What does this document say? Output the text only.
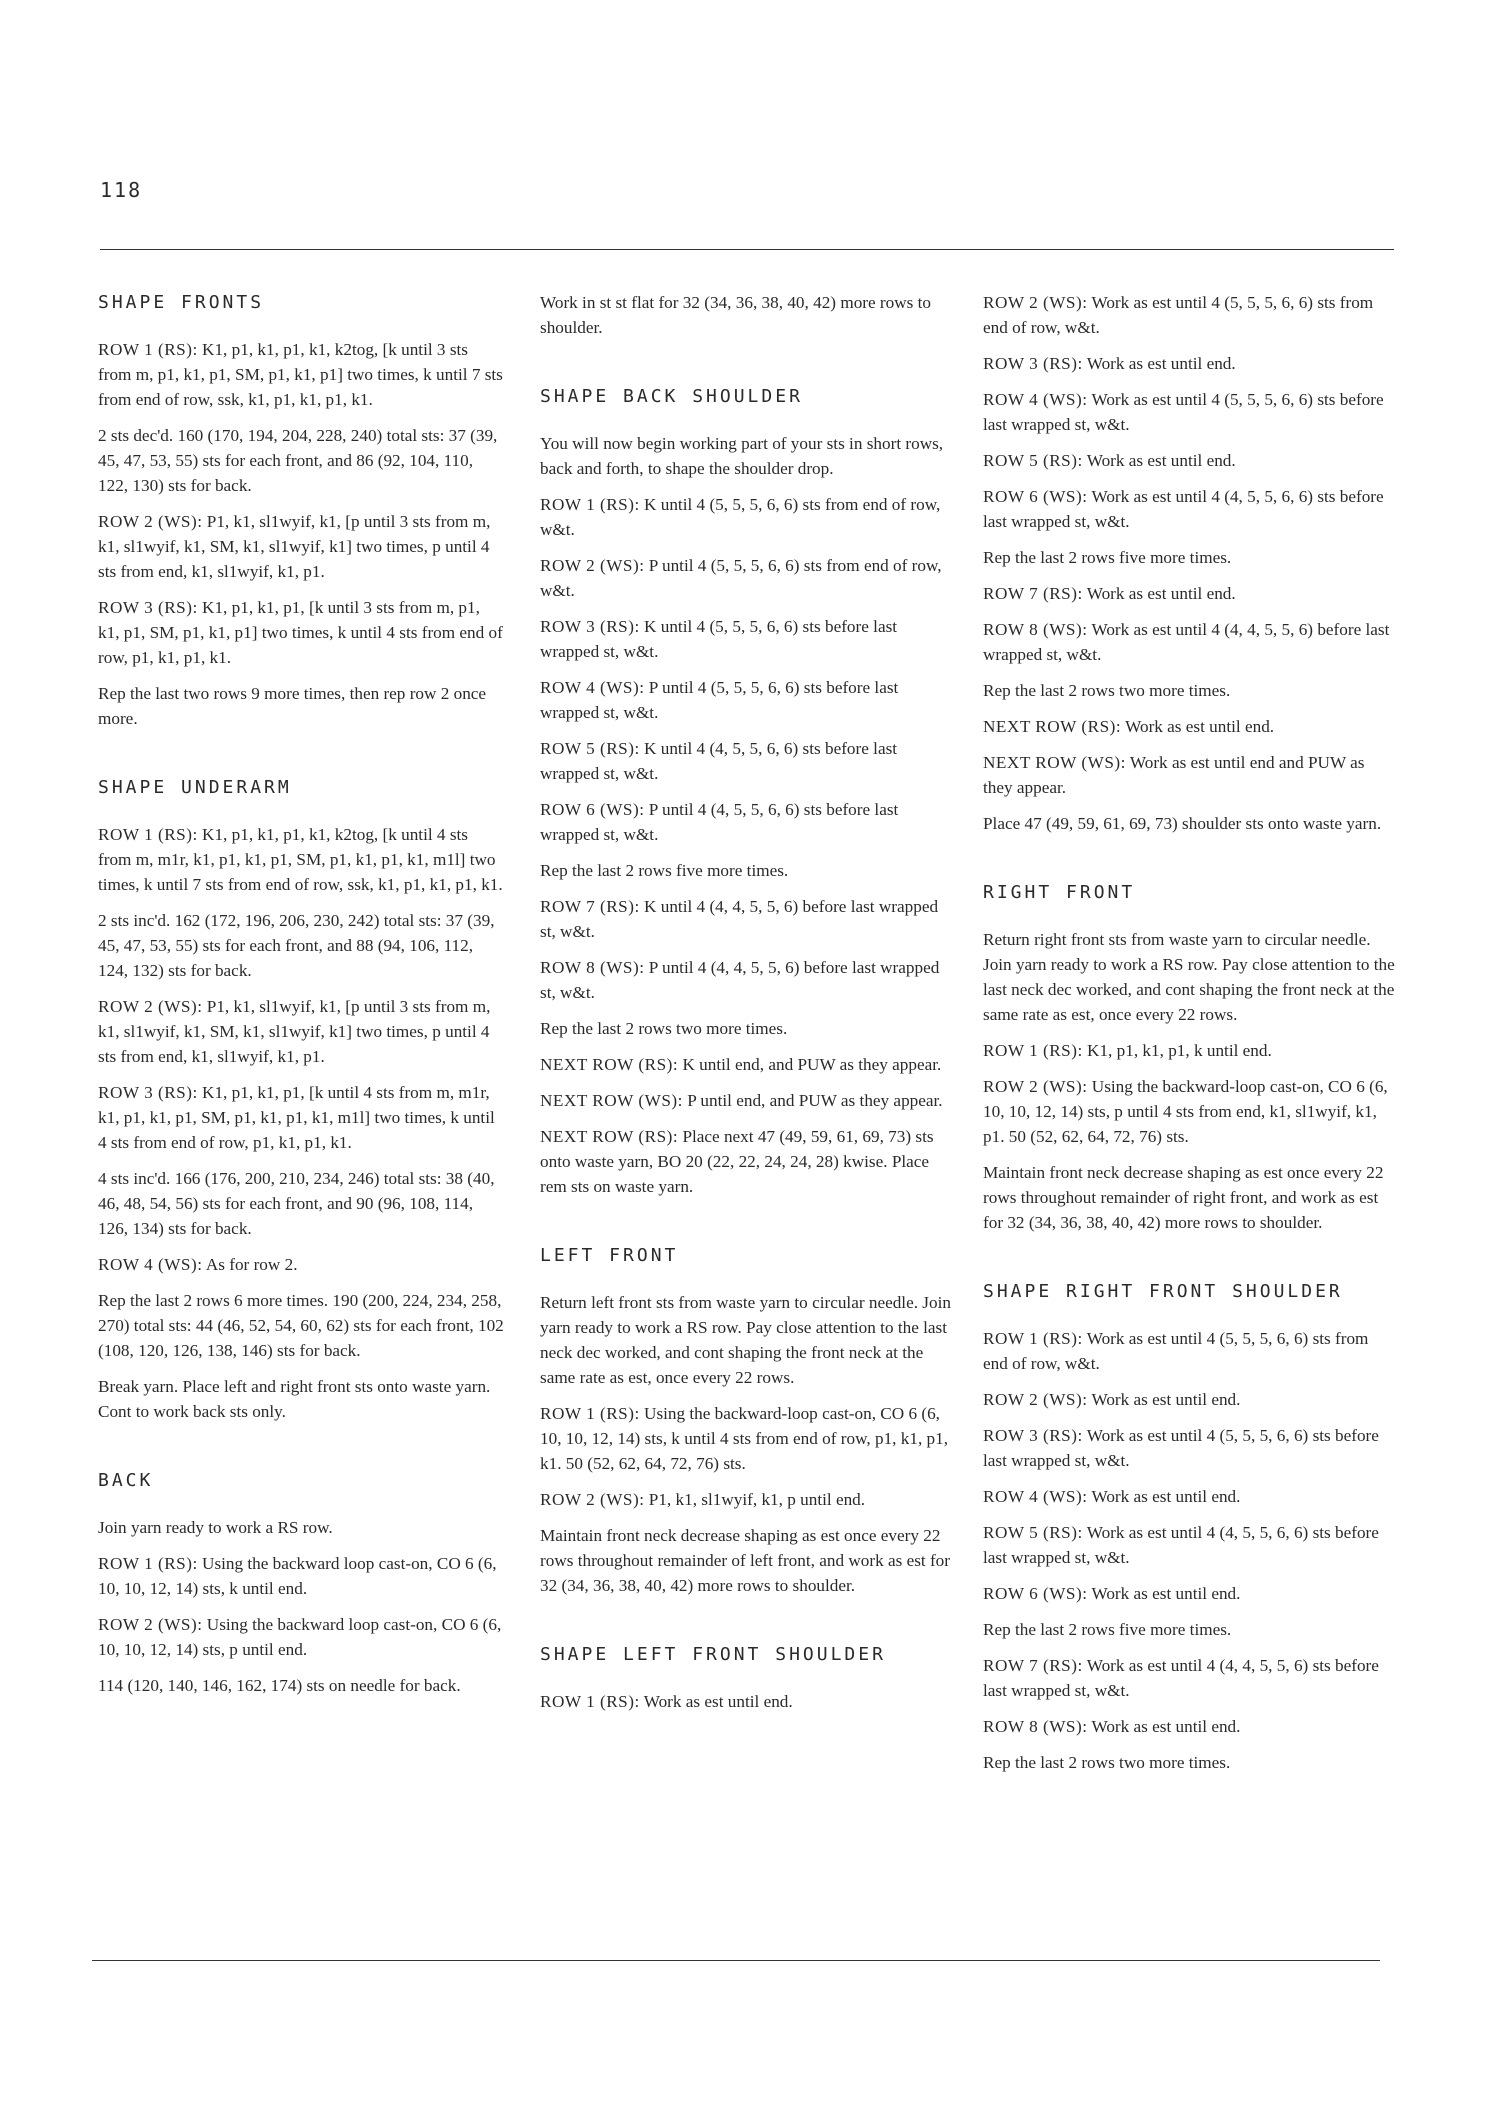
118
SHAPE FRONTS
ROW 1 (RS): K1, p1, k1, p1, k1, k2tog, [k until 3 sts from m, p1, k1, p1, SM, p1, k1, p1] two times, k until 7 sts from end of row, ssk, k1, p1, k1, p1, k1.
2 sts dec'd. 160 (170, 194, 204, 228, 240) total sts: 37 (39, 45, 47, 53, 55) sts for each front, and 86 (92, 104, 110, 122, 130) sts for back.
ROW 2 (WS): P1, k1, sl1wyif, k1, [p until 3 sts from m, k1, sl1wyif, k1, SM, k1, sl1wyif, k1] two times, p until 4 sts from end, k1, sl1wyif, k1, p1.
ROW 3 (RS): K1, p1, k1, p1, [k until 3 sts from m, p1, k1, p1, SM, p1, k1, p1] two times, k until 4 sts from end of row, p1, k1, p1, k1.
Rep the last two rows 9 more times, then rep row 2 once more.
SHAPE UNDERARM
ROW 1 (RS): K1, p1, k1, p1, k1, k2tog, [k until 4 sts from m, m1r, k1, p1, k1, p1, SM, p1, k1, p1, k1, m1l] two times, k until 7 sts from end of row, ssk, k1, p1, k1, p1, k1.
2 sts inc'd. 162 (172, 196, 206, 230, 242) total sts: 37 (39, 45, 47, 53, 55) sts for each front, and 88 (94, 106, 112, 124, 132) sts for back.
ROW 2 (WS): P1, k1, sl1wyif, k1, [p until 3 sts from m, k1, sl1wyif, k1, SM, k1, sl1wyif, k1] two times, p until 4 sts from end, k1, sl1wyif, k1, p1.
ROW 3 (RS): K1, p1, k1, p1, [k until 4 sts from m, m1r, k1, p1, k1, p1, SM, p1, k1, p1, k1, m1l] two times, k until 4 sts from end of row, p1, k1, p1, k1.
4 sts inc'd. 166 (176, 200, 210, 234, 246) total sts: 38 (40, 46, 48, 54, 56) sts for each front, and 90 (96, 108, 114, 126, 134) sts for back.
ROW 4 (WS): As for row 2.
Rep the last 2 rows 6 more times. 190 (200, 224, 234, 258, 270) total sts: 44 (46, 52, 54, 60, 62) sts for each front, 102 (108, 120, 126, 138, 146) sts for back.
Break yarn. Place left and right front sts onto waste yarn. Cont to work back sts only.
BACK
Join yarn ready to work a RS row.
ROW 1 (RS): Using the backward loop cast-on, CO 6 (6, 10, 10, 12, 14) sts, k until end.
ROW 2 (WS): Using the backward loop cast-on, CO 6 (6, 10, 10, 12, 14) sts, p until end.
114 (120, 140, 146, 162, 174) sts on needle for back.
Work in st st flat for 32 (34, 36, 38, 40, 42) more rows to shoulder.
SHAPE BACK SHOULDER
You will now begin working part of your sts in short rows, back and forth, to shape the shoulder drop.
ROW 1 (RS): K until 4 (5, 5, 5, 6, 6) sts from end of row, w&t.
ROW 2 (WS): P until 4 (5, 5, 5, 6, 6) sts from end of row, w&t.
ROW 3 (RS): K until 4 (5, 5, 5, 6, 6) sts before last wrapped st, w&t.
ROW 4 (WS): P until 4 (5, 5, 5, 6, 6) sts before last wrapped st, w&t.
ROW 5 (RS): K until 4 (4, 5, 5, 6, 6) sts before last wrapped st, w&t.
ROW 6 (WS): P until 4 (4, 5, 5, 6, 6) sts before last wrapped st, w&t.
Rep the last 2 rows five more times.
ROW 7 (RS): K until 4 (4, 4, 5, 5, 6) before last wrapped st, w&t.
ROW 8 (WS): P until 4 (4, 4, 5, 5, 6) before last wrapped st, w&t.
Rep the last 2 rows two more times.
NEXT ROW (RS): K until end, and PUW as they appear.
NEXT ROW (WS): P until end, and PUW as they appear.
NEXT ROW (RS): Place next 47 (49, 59, 61, 69, 73) sts onto waste yarn, BO 20 (22, 22, 24, 24, 28) kwise. Place rem sts on waste yarn.
LEFT FRONT
Return left front sts from waste yarn to circular needle. Join yarn ready to work a RS row. Pay close attention to the last neck dec worked, and cont shaping the front neck at the same rate as est, once every 22 rows.
ROW 1 (RS): Using the backward-loop cast-on, CO 6 (6, 10, 10, 12, 14) sts, k until 4 sts from end of row, p1, k1, p1, k1. 50 (52, 62, 64, 72, 76) sts.
ROW 2 (WS): P1, k1, sl1wyif, k1, p until end.
Maintain front neck decrease shaping as est once every 22 rows throughout remainder of left front, and work as est for 32 (34, 36, 38, 40, 42) more rows to shoulder.
SHAPE LEFT FRONT SHOULDER
ROW 1 (RS): Work as est until end.
ROW 2 (WS): Work as est until 4 (5, 5, 5, 6, 6) sts from end of row, w&t.
ROW 3 (RS): Work as est until end.
ROW 4 (WS): Work as est until 4 (5, 5, 5, 6, 6) sts before last wrapped st, w&t.
ROW 5 (RS): Work as est until end.
ROW 6 (WS): Work as est until 4 (4, 5, 5, 6, 6) sts before last wrapped st, w&t.
Rep the last 2 rows five more times.
ROW 7 (RS): Work as est until end.
ROW 8 (WS): Work as est until 4 (4, 4, 5, 5, 6) before last wrapped st, w&t.
Rep the last 2 rows two more times.
NEXT ROW (RS): Work as est until end.
NEXT ROW (WS): Work as est until end and PUW as they appear.
Place 47 (49, 59, 61, 69, 73) shoulder sts onto waste yarn.
RIGHT FRONT
Return right front sts from waste yarn to circular needle. Join yarn ready to work a RS row. Pay close attention to the last neck dec worked, and cont shaping the front neck at the same rate as est, once every 22 rows.
ROW 1 (RS): K1, p1, k1, p1, k until end.
ROW 2 (WS): Using the backward-loop cast-on, CO 6 (6, 10, 10, 12, 14) sts, p until 4 sts from end, k1, sl1wyif, k1, p1. 50 (52, 62, 64, 72, 76) sts.
Maintain front neck decrease shaping as est once every 22 rows throughout remainder of right front, and work as est for 32 (34, 36, 38, 40, 42) more rows to shoulder.
SHAPE RIGHT FRONT SHOULDER
ROW 1 (RS): Work as est until 4 (5, 5, 5, 6, 6) sts from end of row, w&t.
ROW 2 (WS): Work as est until end.
ROW 3 (RS): Work as est until 4 (5, 5, 5, 6, 6) sts before last wrapped st, w&t.
ROW 4 (WS): Work as est until end.
ROW 5 (RS): Work as est until 4 (4, 5, 5, 6, 6) sts before last wrapped st, w&t.
ROW 6 (WS): Work as est until end.
Rep the last 2 rows five more times.
ROW 7 (RS): Work as est until 4 (4, 4, 5, 5, 6) sts before last wrapped st, w&t.
ROW 8 (WS): Work as est until end.
Rep the last 2 rows two more times.
